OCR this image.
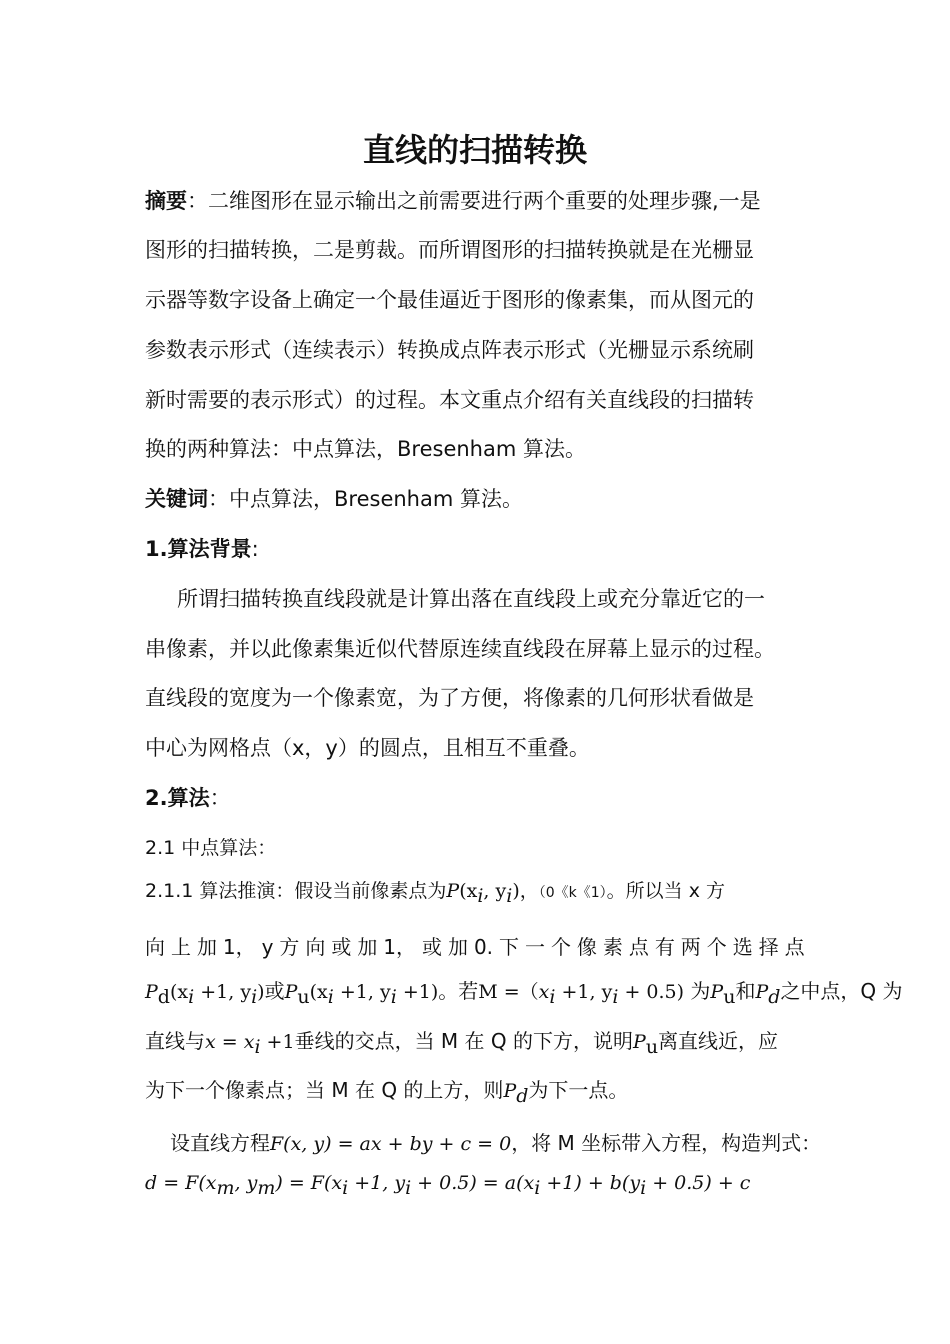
直线的扫描转换
摘要：二维图形在显示输出之前需要进行两个重要的处理步骤,一是
图形的扫描转换，二是剪裁。而所谓图形的扫描转换就是在光栅显
示器等数字设备上确定一个最佳逼近于图形的像素集，而从图元的
参数表示形式（连续表示）转换成点阵表示形式（光栅显示系统刷
新时需要的表示形式）的过程。本文重点介绍有关直线段的扫描转
换的两种算法：中点算法，Bresenham 算法。
关键词：中点算法，Bresenham 算法。
1.算法背景:
所谓扫描转换直线段就是计算出落在直线段上或充分靠近它的一
串像素，并以此像素集近似代替原连续直线段在屏幕上显示的过程。
直线段的宽度为一个像素宽，为了方便，将像素的几何形状看做是
中心为网格点（x，y）的圆点，且相互不重叠。
2.算法：
2.1 中点算法：
2.1.1 算法推演：假设当前像素点为$P(x_i$, $y_i$)，（0《k《1）。所以当 x 方
向 上 加 1， y 方 向 或 加 1， 或 加 0. 下 一 个 像 素 点 有 两 个 选 择 点
$P_d(x_i +1$, $y_i$)或$P_u(x_i +1$, $y_i +1$)。若$M =(x_i +1$, $y_i + 0.5$) 为$P_u$和$P_d$之中点，Q 为
直线与$x = x_i +1$垂线的交点，当 M 在 Q 的下方，说明$P_u$离直线近，应
为下一个像素点；当 M 在 Q 的上方，则$P_d$为下一点。
设直线方程F(x, y) = ax + by + c = 0，将 M 坐标带入方程，构造判式：
$d = F(x_m$, $y_m) = F(x_i +1$, $y_i + 0.5) = a(x_i +1) + b(y_i + 0.5) + c$
